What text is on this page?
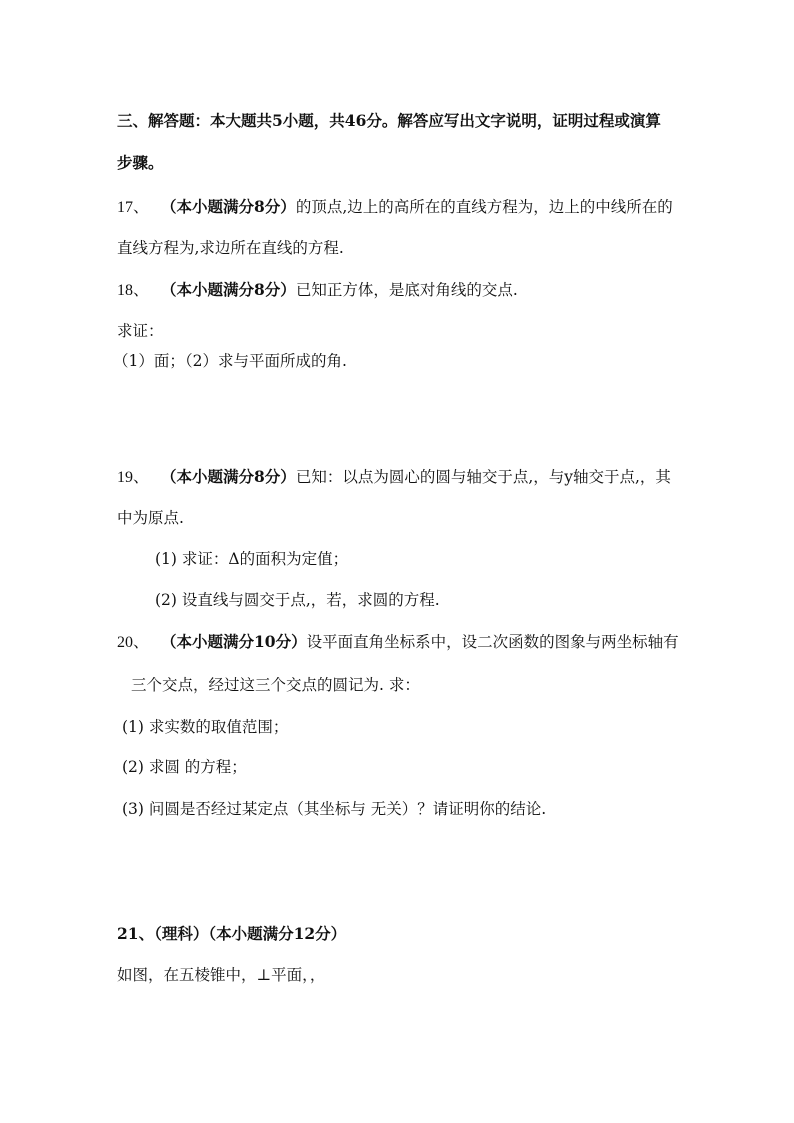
三、解答题：本大题共5小题，共46分。解答应写出文字说明，证明过程或演算
步骤。
17、 （本小题满分8分）的顶点,边上的高所在的直线方程为，边上的中线所在的
直线方程为,求边所在直线的方程.
18、 （本小题满分8分）已知正方体，是底对角线的交点.
求证：
（1）面；（2）求与平面所成的角.
19、 （本小题满分8分）已知：以点为圆心的圆与轴交于点,，与y轴交于点,，其
中为原点.
(1) 求证：Δ的面积为定值；
(2) 设直线与圆交于点,，若，求圆的方程.
20、 （本小题满分10分）设平面直角坐标系中，设二次函数的图象与两坐标轴有
三个交点，经过这三个交点的圆记为. 求：
(1) 求实数的取值范围；
(2) 求圆 的方程；
(3) 问圆是否经过某定点（其坐标与 无关）？请证明你的结论.
21、（理科）（本小题满分12分）
如图，在五棱锥中，⊥平面，，
